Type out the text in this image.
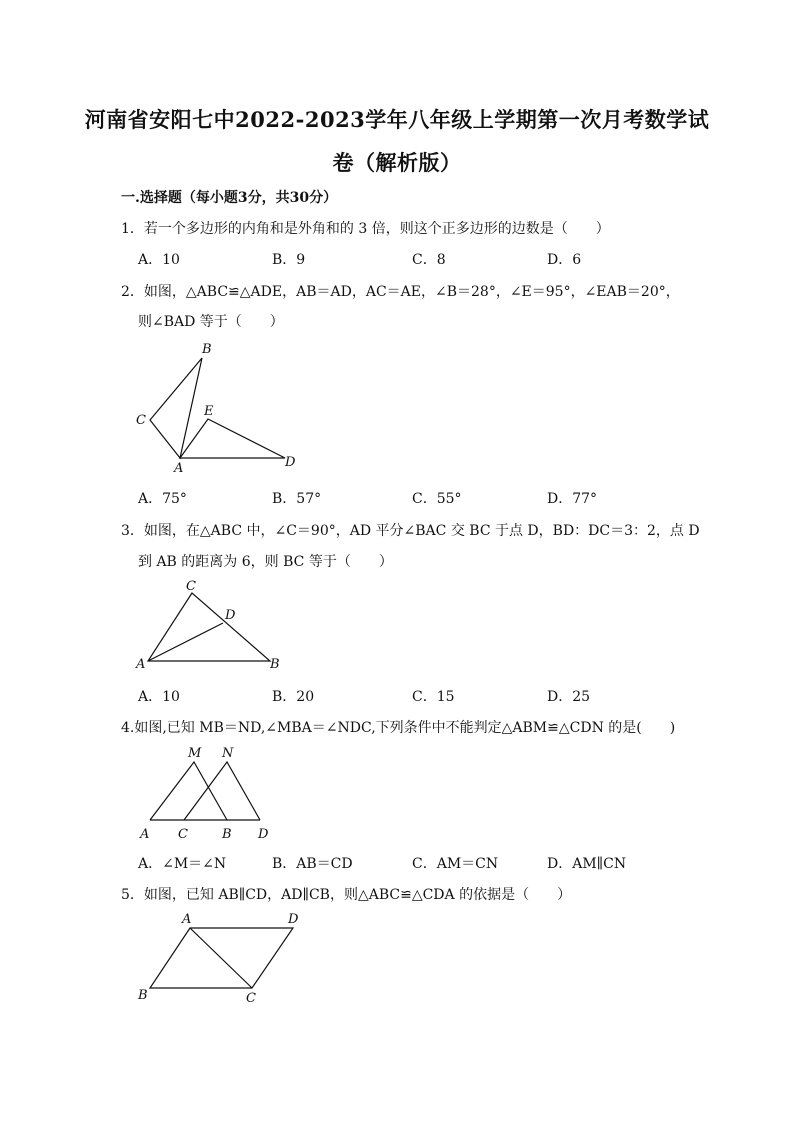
河南省安阳七中2022-2023学年八年级上学期第一次月考数学试
卷（解析版）
一.选择题（每小题3分，共30分）
1．若一个多边形的内角和是外角和的 3 倍，则这个正多边形的边数是（　　）
A．10	B．9	C．8	D．6
2．如图，△ABC≌△ADE，AB＝AD，AC＝AE，∠B＝28°，∠E＝95°，∠EAB＝20°，
则∠BAD 等于（　　）
B
C
E
A	D
A．75°	B．57°	C．55°	D．77°
3．如图，在△ABC 中，∠C＝90°，AD 平分∠BAC 交 BC 于点 D，BD：DC＝3：2，点 D
到 AB 的距离为 6，则 BC 等于（　　）
C
D
A	B
A．10	B．20	C．15	D．25
4.如图,已知 MB＝ND,∠MBA＝∠NDC,下列条件中不能判定△ABM≌△CDN 的是(　　)
M N
A C	B D
A．∠M＝∠N	B．AB＝CD	C．AM＝CN	D．AM∥CN
5．如图，已知 AB∥CD，AD∥CB，则△ABC≌△CDA 的依据是（　　）
A	D
B	C
